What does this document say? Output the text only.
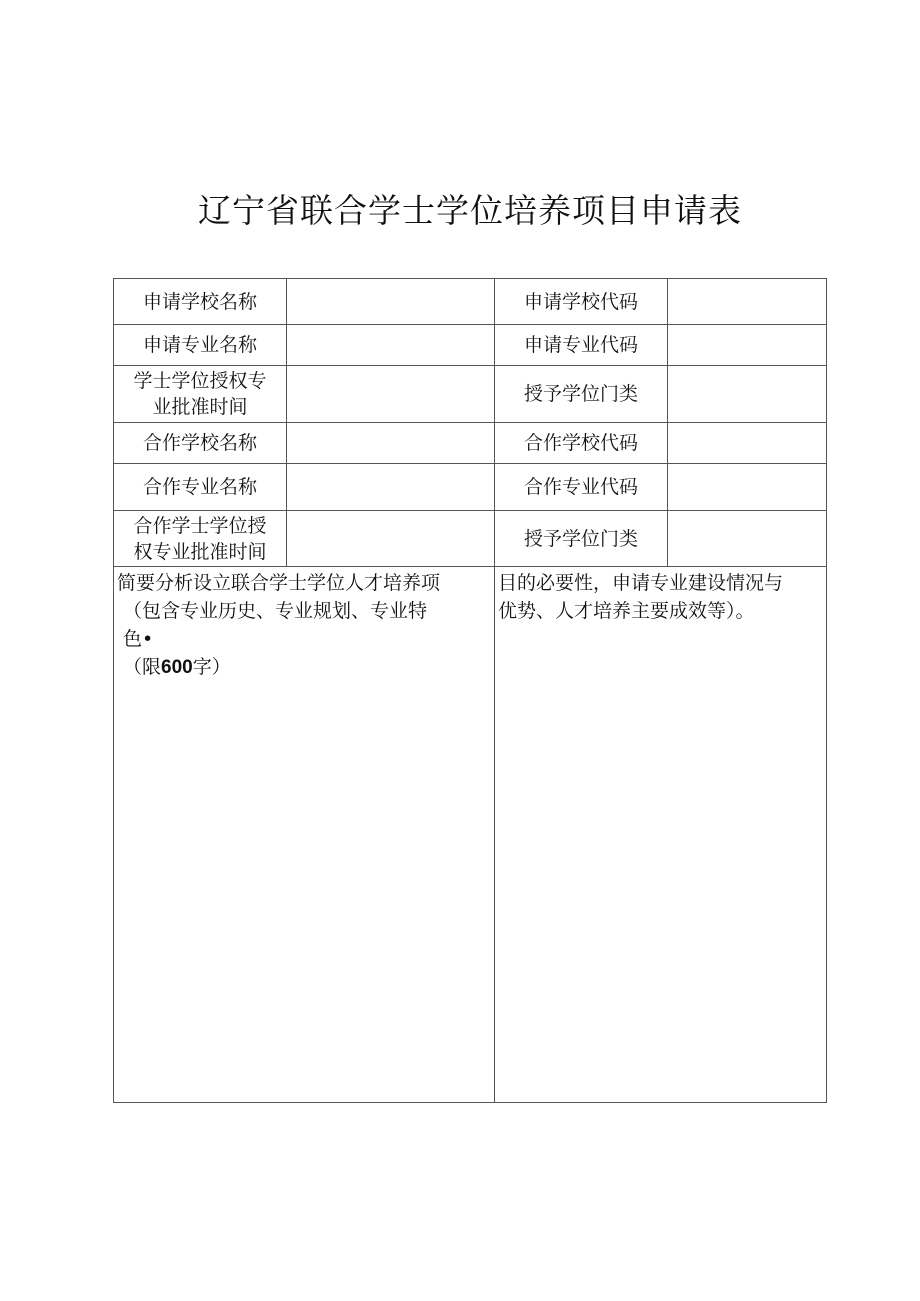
辽宁省联合学士学位培养项目申请表
申请学校名称		申请学校代码	
申请专业名称		申请专业代码	
学士学位授权专
业批准时间		授予学位门类	
合作学校名称		合作学校代码	
合作专业名称		合作专业代码	
合作学士学位授
权专业批准时间		授予学位门类	

简要分析设立联合学士学位人才培养项
（包含专业历史、专业规划、专业特
色•
（限600字）		目的必要性，申请专业建设情况与
优势、人才培养主要成效等）。	
